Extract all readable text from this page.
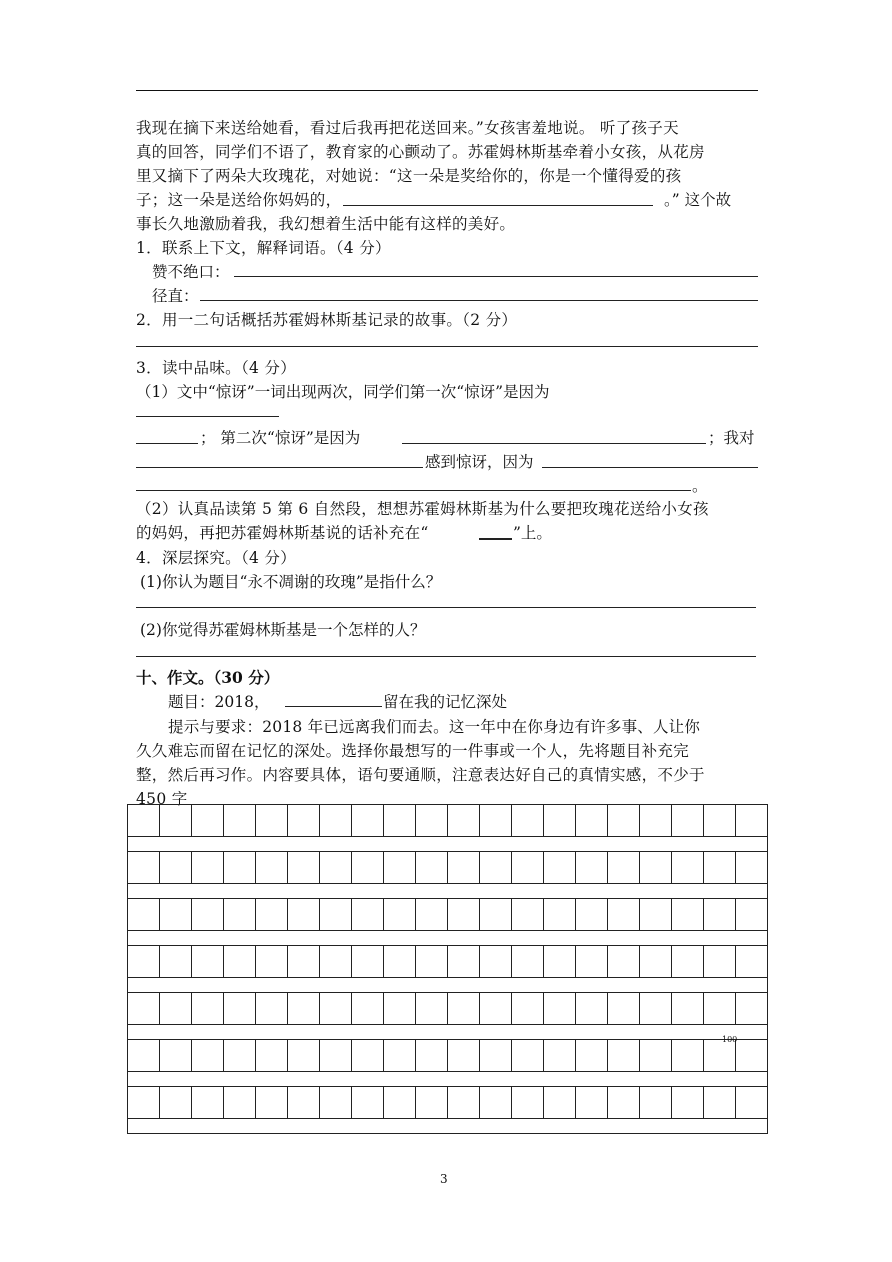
我现在摘下来送给她看，看过后我再把花送回来。”女孩害羞地说。 听了孩子天
真的回答，同学们不语了，教育家的心颤动了。苏霍姆林斯基牵着小女孩，从花房
里又摘下了两朵大玫瑰花，对她说：“这一朵是奖给你的，你是一个懂得爱的孩
子；这一朵是送给你妈妈的，	。” 这个故
事长久地激励着我，我幻想着生活中能有这样的美好。
1．联系上下文，解释词语。（4 分）
赞不绝口：
径直：
2．用一二句话概括苏霍姆林斯基记录的故事。（2 分）
3．读中品味。（4 分）
（1）文中“惊讶”一词出现两次，同学们第一次“惊讶”是因为
； 第二次“惊讶”是因为	；我对
感到惊讶，因为
。
（2）认真品读第 5 第 6 自然段，想想苏霍姆林斯基为什么要把玫瑰花送给小女孩
的妈妈，再把苏霍姆林斯基说的话补充在“	”上。
4．深层探究。（4 分）
(1)你认为题目“永不凋谢的玫瑰”是指什么？
(2)你觉得苏霍姆林斯基是一个怎样的人？
十、作文。（30 分）
题目：2018，	留在我的记忆深处
提示与要求：2018 年已远离我们而去。这一年中在你身边有许多事、人让你
久久难忘而留在记忆的深处。选择你最想写的一件事或一个人，先将题目补充完
整，然后再习作。内容要具体，语句要通顺，注意表达好自己的真情实感，不少于
450 字
100
3
